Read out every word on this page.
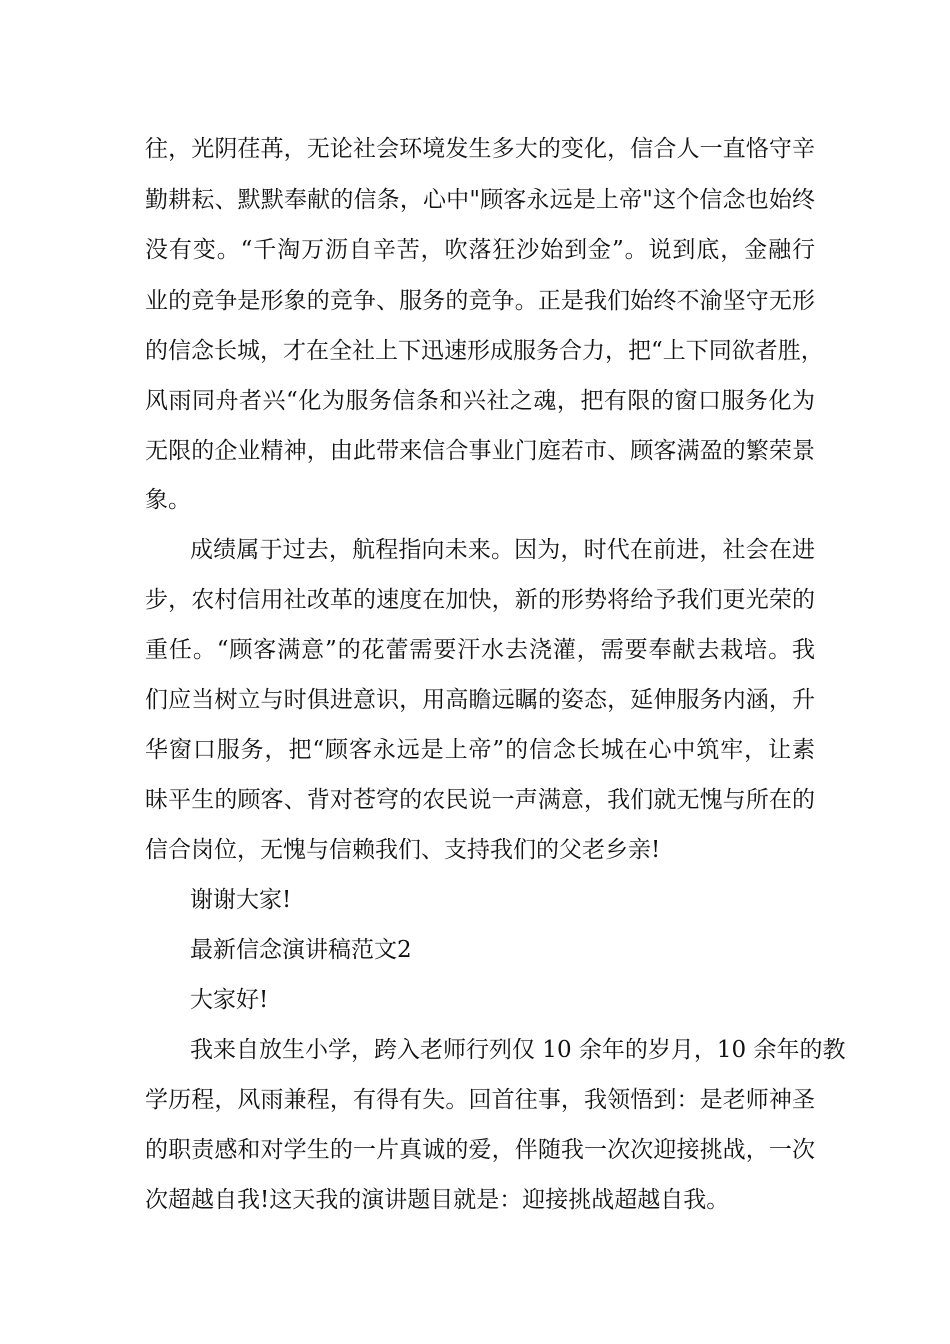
往，光阴荏苒，无论社会环境发生多大的变化，信合人一直恪守辛
勤耕耘、默默奉献的信条，心中"顾客永远是上帝"这个信念也始终
没有变。“千淘万沥自辛苦，吹落狂沙始到金”。说到底，金融行
业的竞争是形象的竞争、服务的竞争。正是我们始终不渝坚守无形
的信念长城，才在全社上下迅速形成服务合力，把“上下同欲者胜，
风雨同舟者兴“化为服务信条和兴社之魂，把有限的窗口服务化为
无限的企业精神，由此带来信合事业门庭若市、顾客满盈的繁荣景
象。
成绩属于过去，航程指向未来。因为，时代在前进，社会在进
步，农村信用社改革的速度在加快，新的形势将给予我们更光荣的
重任。“顾客满意”的花蕾需要汗水去浇灌，需要奉献去栽培。我
们应当树立与时俱进意识，用高瞻远瞩的姿态，延伸服务内涵，升
华窗口服务，把“顾客永远是上帝”的信念长城在心中筑牢，让素
昧平生的顾客、背对苍穹的农民说一声满意，我们就无愧与所在的
信合岗位，无愧与信赖我们、支持我们的父老乡亲!
谢谢大家!
最新信念演讲稿范文2
大家好!
我来自放生小学，跨入老师行列仅 10 余年的岁月，10 余年的教
学历程，风雨兼程，有得有失。回首往事，我领悟到：是老师神圣
的职责感和对学生的一片真诚的爱，伴随我一次次迎接挑战，一次
次超越自我!这天我的演讲题目就是：迎接挑战超越自我。
